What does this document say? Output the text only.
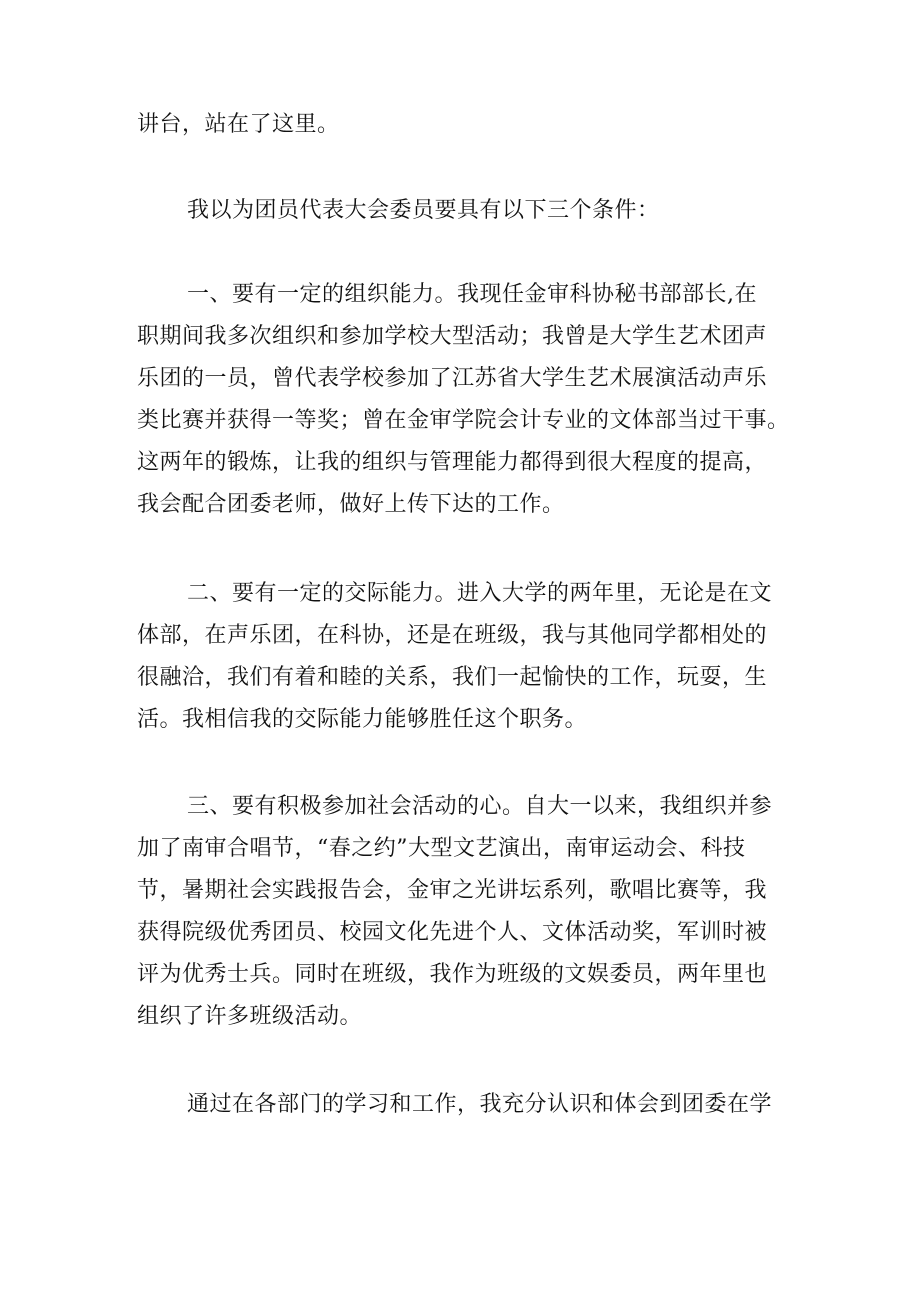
讲台，站在了这里。
我以为团员代表大会委员要具有以下三个条件：
一、要有一定的组织能力。我现任金审科协秘书部部长,在
职期间我多次组织和参加学校大型活动；我曾是大学生艺术团声
乐团的一员，曾代表学校参加了江苏省大学生艺术展演活动声乐
类比赛并获得一等奖；曾在金审学院会计专业的文体部当过干事。
这两年的锻炼，让我的组织与管理能力都得到很大程度的提高，
我会配合团委老师，做好上传下达的工作。
二、要有一定的交际能力。进入大学的两年里，无论是在文
体部，在声乐团，在科协，还是在班级，我与其他同学都相处的
很融洽，我们有着和睦的关系，我们一起愉快的工作，玩耍，生
活。我相信我的交际能力能够胜任这个职务。
三、要有积极参加社会活动的心。自大一以来，我组织并参
加了南审合唱节，“春之约”大型文艺演出，南审运动会、科技
节，暑期社会实践报告会，金审之光讲坛系列，歌唱比赛等，我
获得院级优秀团员、校园文化先进个人、文体活动奖，军训时被
评为优秀士兵。同时在班级，我作为班级的文娱委员，两年里也
组织了许多班级活动。
通过在各部门的学习和工作，我充分认识和体会到团委在学
